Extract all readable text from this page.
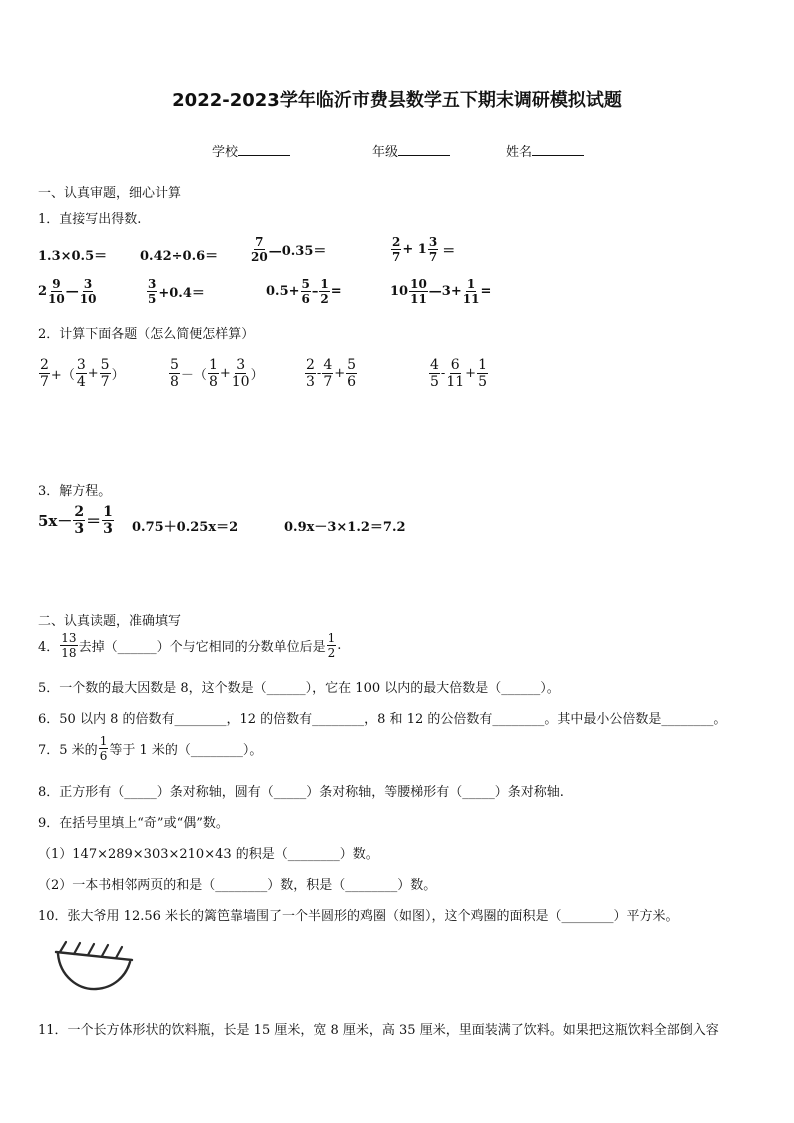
2022-2023学年临沂市费县数学五下期末调研模拟试题
学校	年级	姓名
一、认真审题，细心计算
1．直接写出得数.
1.3×0.5＝	0.42÷0.6＝	$\frac{7}{20}$ —0.35＝	$\frac{2}{7} + 1 \frac{3}{7}$ ＝
$2 \frac{9}{10}$ — $\frac{3}{10}$	$\frac{3}{5} +0.4=$	$0.5+ \frac{5}{6} - \frac{1}{2}$ =	$10 \frac{10}{11}$ —3+ $\frac{1}{11}$ =
2．计算下面各题（怎么简便怎样算）
$\frac{2}{7}$ +（ $\frac{3}{4} + \frac{5}{7}$ ）	$\frac{5}{8}$ －（ $\frac{1}{8} + \frac{3}{10}$ ）	$\frac{2}{3} - \frac{4}{7} + \frac{5}{6}$	$\frac{4}{5} - \frac{6}{11} + \frac{1}{5}$
3．解方程。
$5x- \frac{2}{3} = \frac{1}{3} 0.75+0.25x=2$	0.9x－3×1.2＝7.2
二、认真读题，准确填写
4． $\frac{13}{18}$ 去掉（______）个与它相同的分数单位后是 $\frac{1}{2}$ .
5．一个数的最大因数是 8，这个数是（______），它在 100 以内的最大倍数是（______）。
6．50 以内 8 的倍数有________，12 的倍数有________，8 和 12 的公倍数有________。其中最小公倍数是________。
7．5 米的 $\frac{1}{6}$ 等于 1 米的（________）。
8．正方形有（_____）条对称轴，圆有（_____）条对称轴，等腰梯形有（_____）条对称轴.
9．在括号里填上“奇”或“偶”数。
（1）147×289×303×210×43 的积是（________）数。
（2）一本书相邻两页的和是（________）数，积是（________）数。
10．张大爷用 12.56 米长的篱笆靠墙围了一个半圆形的鸡圈（如图），这个鸡圈的面积是（________）平方米。
11．一个长方体形状的饮料瓶，长是 15 厘米，宽 8 厘米，高 35 厘米，里面装满了饮料。如果把这瓶饮料全部倒入容
